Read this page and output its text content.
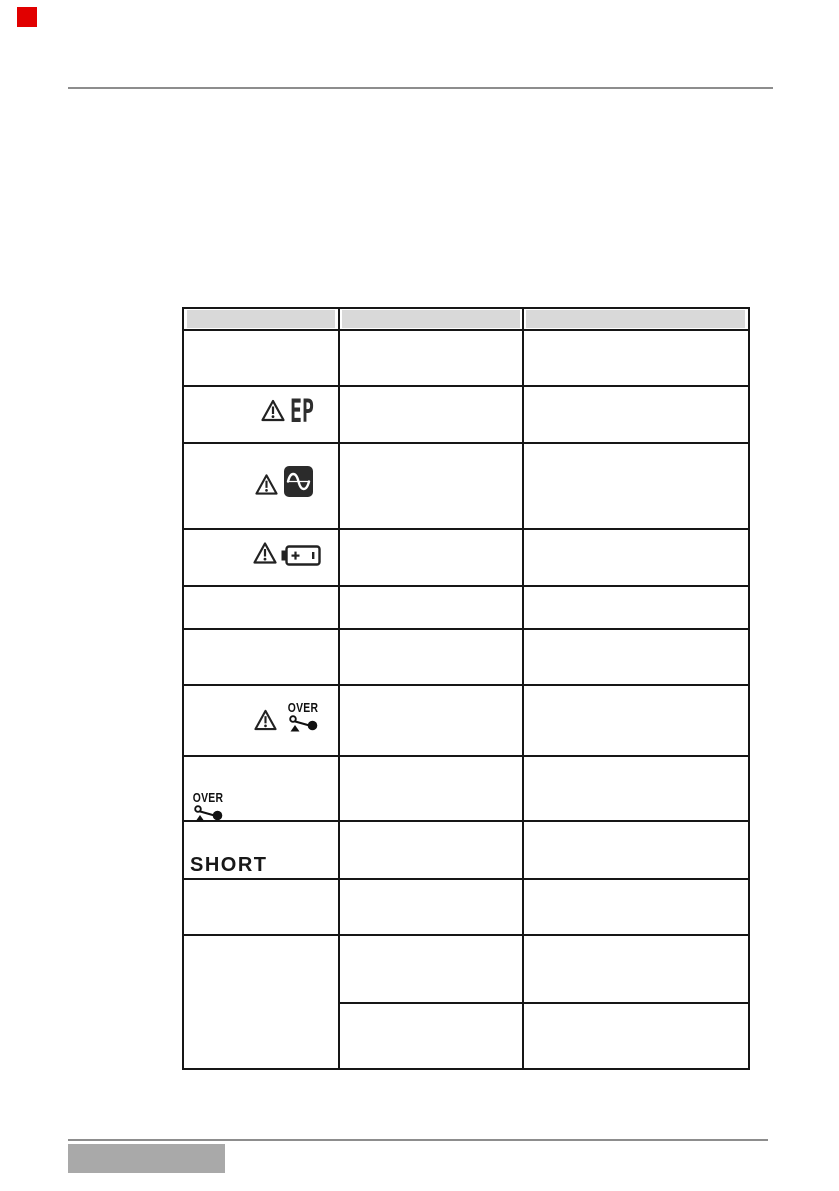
EP
OVER
OVER
SHORT
